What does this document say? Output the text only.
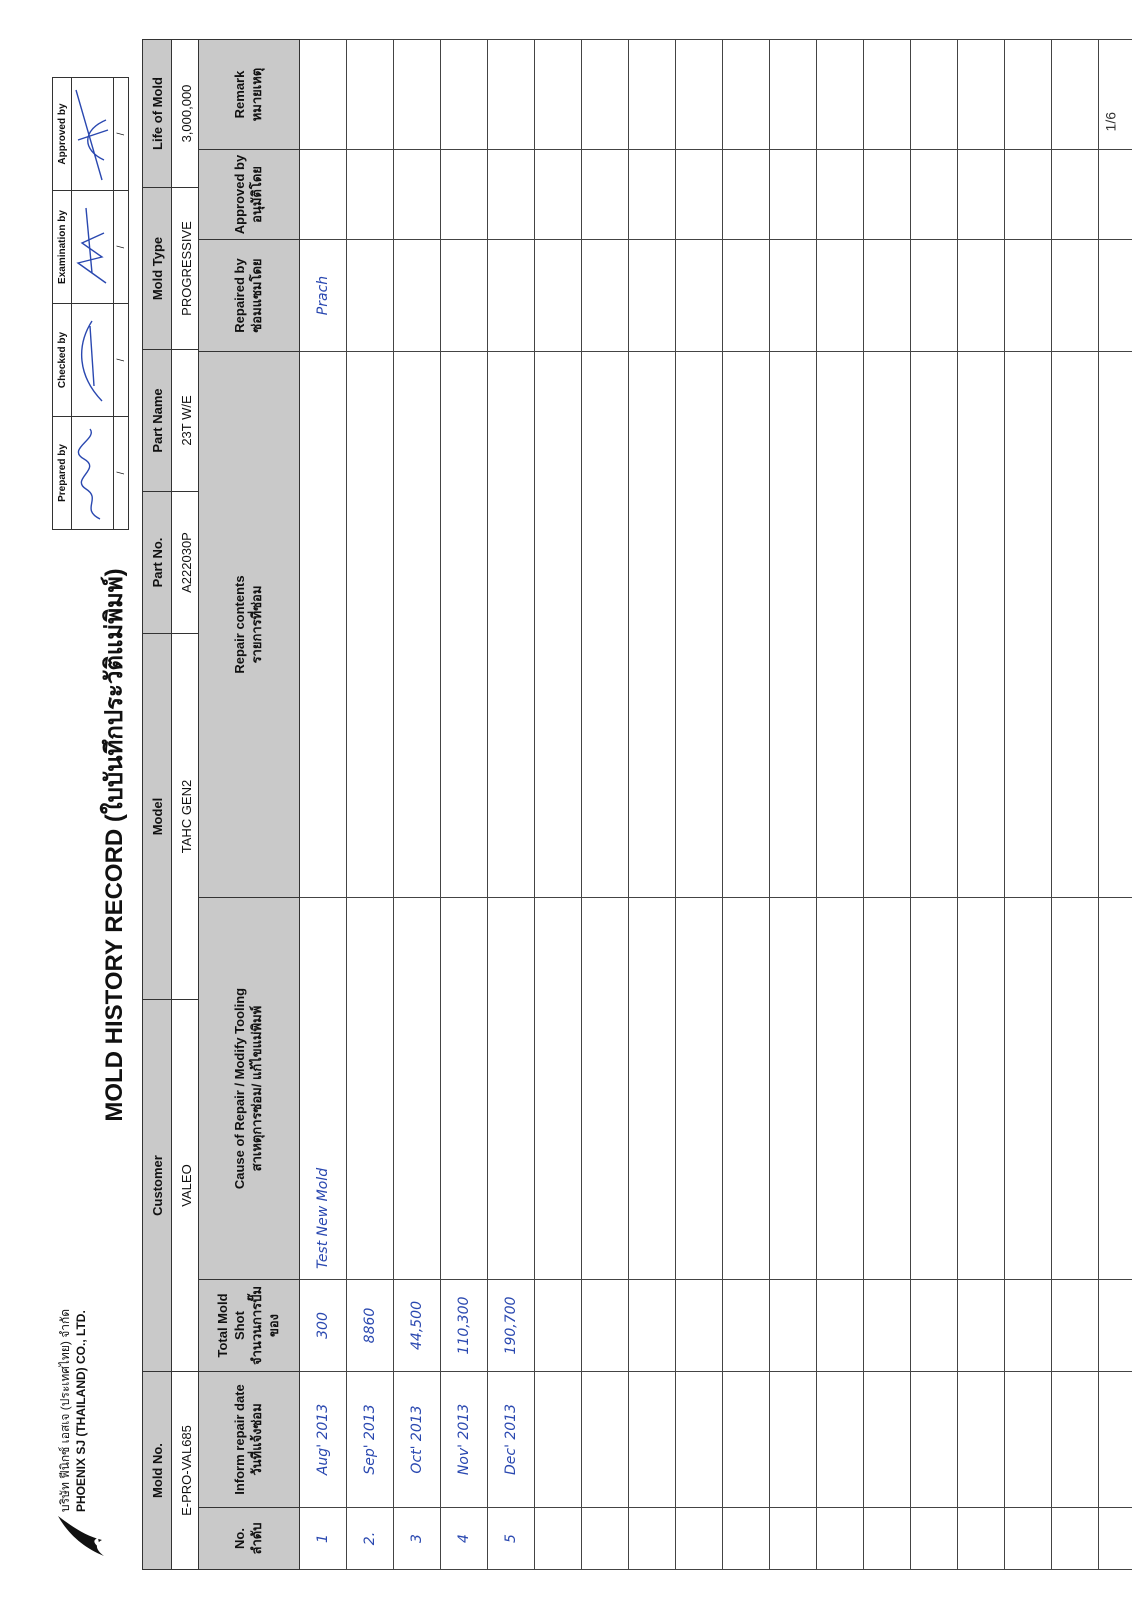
1/6
บริษัท ฟีนิกซ์ เอสเจ (ประเทศไทย) จำกัด PHOENIX SJ (THAILAND) CO., LTD.
MOLD HISTORY RECORD (ใบบันทึกประวัติแม่พิมพ์)
Prepared by	Checked by	Examination by	Approved by

/	/	/	/
Mold No.	Customer	Model	Part No.	Part Name	Mold Type	Life of Mold
E-PRO-VAL685	VALEO	TAHC GEN2	A222030P	23T W/E	PROGRESSIVE	3,000,000
No. ลำดับ	Inform repair date วันที่แจ้งซ่อม	Total Mold Shot จำนวนการปั๊มของ	Cause of Repair / Modify Tooling สาเหตุการซ่อม/ แก้ไขแม่พิมพ์	Repair contents รายการที่ซ่อม	Repaired by ซ่อมแซมโดย	Approved by อนุมัติโดย	Remark หมายเหตุ
1	Aug' 2013	300	Test New Mold		Prach		
2.	Sep' 2013	8860					
3	Oct' 2013	44,500					
4	Nov' 2013	110,300					
5	Dec' 2013	190,700					
